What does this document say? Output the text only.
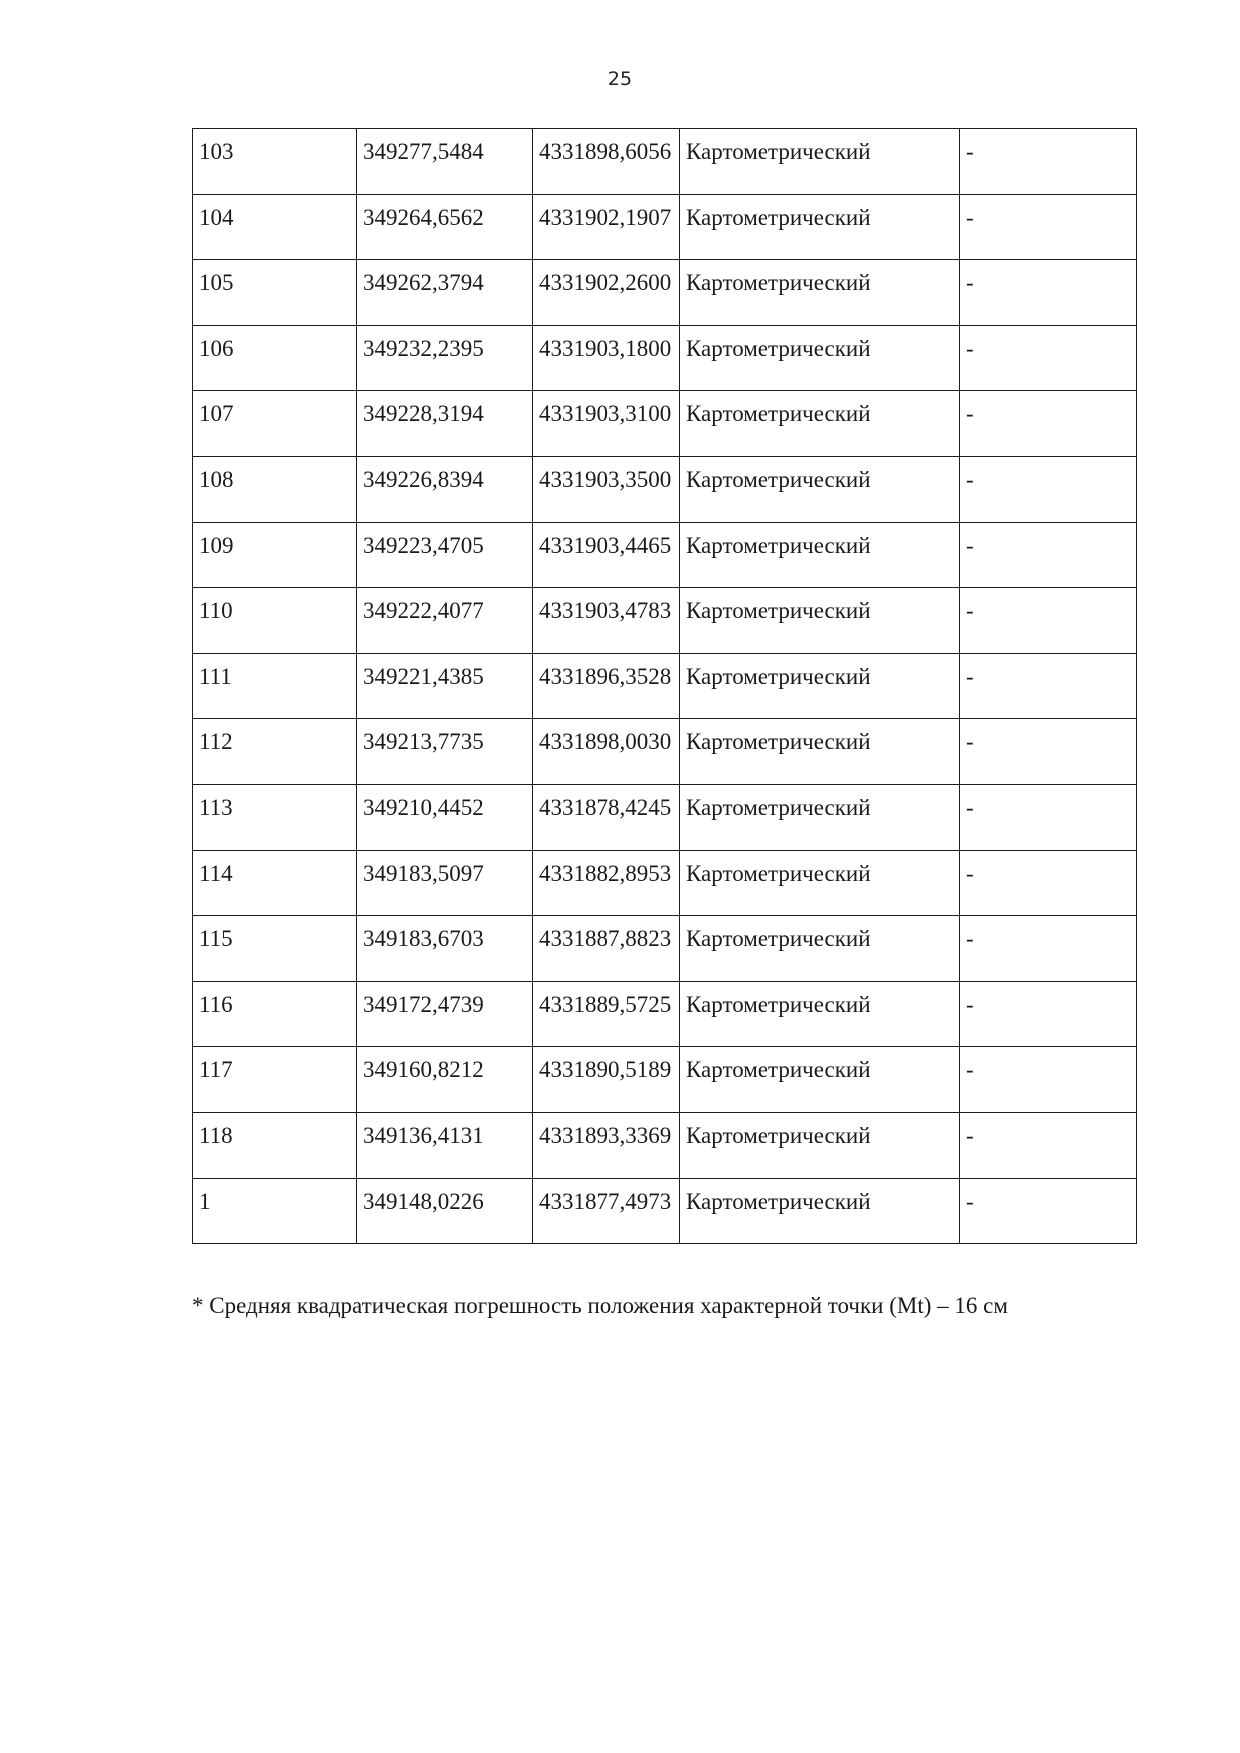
25
103	349277,5484	4331898,6056	Картометрический	-

104	349264,6562	4331902,1907	Картометрический	-

105	349262,3794	4331902,2600	Картометрический	-

106	349232,2395	4331903,1800	Картометрический	-

107	349228,3194	4331903,3100	Картометрический	-

108	349226,8394	4331903,3500	Картометрический	-

109	349223,4705	4331903,4465	Картометрический	-

110	349222,4077	4331903,4783	Картометрический	-

111	349221,4385	4331896,3528	Картометрический	-

112	349213,7735	4331898,0030	Картометрический	-

113	349210,4452	4331878,4245	Картометрический	-

114	349183,5097	4331882,8953	Картометрический	-

115	349183,6703	4331887,8823	Картометрический	-

116	349172,4739	4331889,5725	Картометрический	-

117	349160,8212	4331890,5189	Картометрический	-

118	349136,4131	4331893,3369	Картометрический	-

1	349148,0226	4331877,4973	Картометрический	-
* Средняя квадратическая погрешность положения характерной точки (Mt) – 16 см
